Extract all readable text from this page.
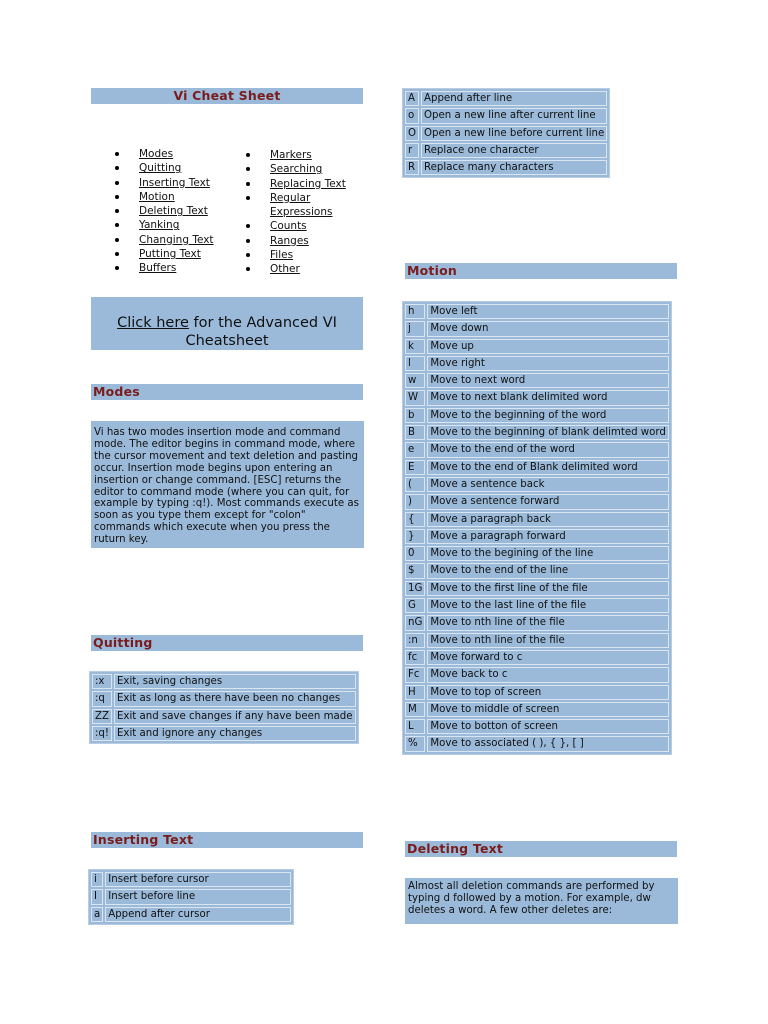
Vi Cheat Sheet
Modes
Quitting
Inserting Text
Motion
Deleting Text
Yanking
Changing Text
Putting Text
Buffers
Markers
Searching
Replacing Text
Regular Expressions
Counts
Ranges
Files
Other
Click here for the Advanced VI Cheatsheet
Modes
Vi has two modes insertion mode and command mode. The editor begins in command mode, where the cursor movement and text deletion and pasting occur. Insertion mode begins upon entering an insertion or change command. [ESC] returns the editor to command mode (where you can quit, for example by typing :q!). Most commands execute as soon as you type them except for "colon" commands which execute when you press the ruturn key.
Quitting
:x	Exit, saving changes
:q	Exit as long as there have been no changes
ZZ	Exit and save changes if any have been made
:q!	Exit and ignore any changes
Inserting Text
i	Insert before cursor
I	Insert before line
a	Append after cursor
A	Append after line
o	Open a new line after current line
O	Open a new line before current line
r	Replace one character
R	Replace many characters
Motion
h	Move left
j	Move down
k	Move up
l	Move right
w	Move to next word
W	Move to next blank delimited word
b	Move to the beginning of the word
B	Move to the beginning of blank delimted word
e	Move to the end of the word
E	Move to the end of Blank delimited word
(	Move a sentence back
)	Move a sentence forward
{	Move a paragraph back
}	Move a paragraph forward
0	Move to the begining of the line
$	Move to the end of the line
1G	Move to the first line of the file
G	Move to the last line of the file
nG	Move to nth line of the file
:n	Move to nth line of the file
fc	Move forward to c
Fc	Move back to c
H	Move to top of screen
M	Move to middle of screen
L	Move to botton of screen
%	Move to associated ( ), { }, [ ]
Deleting Text
Almost all deletion commands are performed by typing d followed by a motion. For example, dw deletes a word. A few other deletes are:
